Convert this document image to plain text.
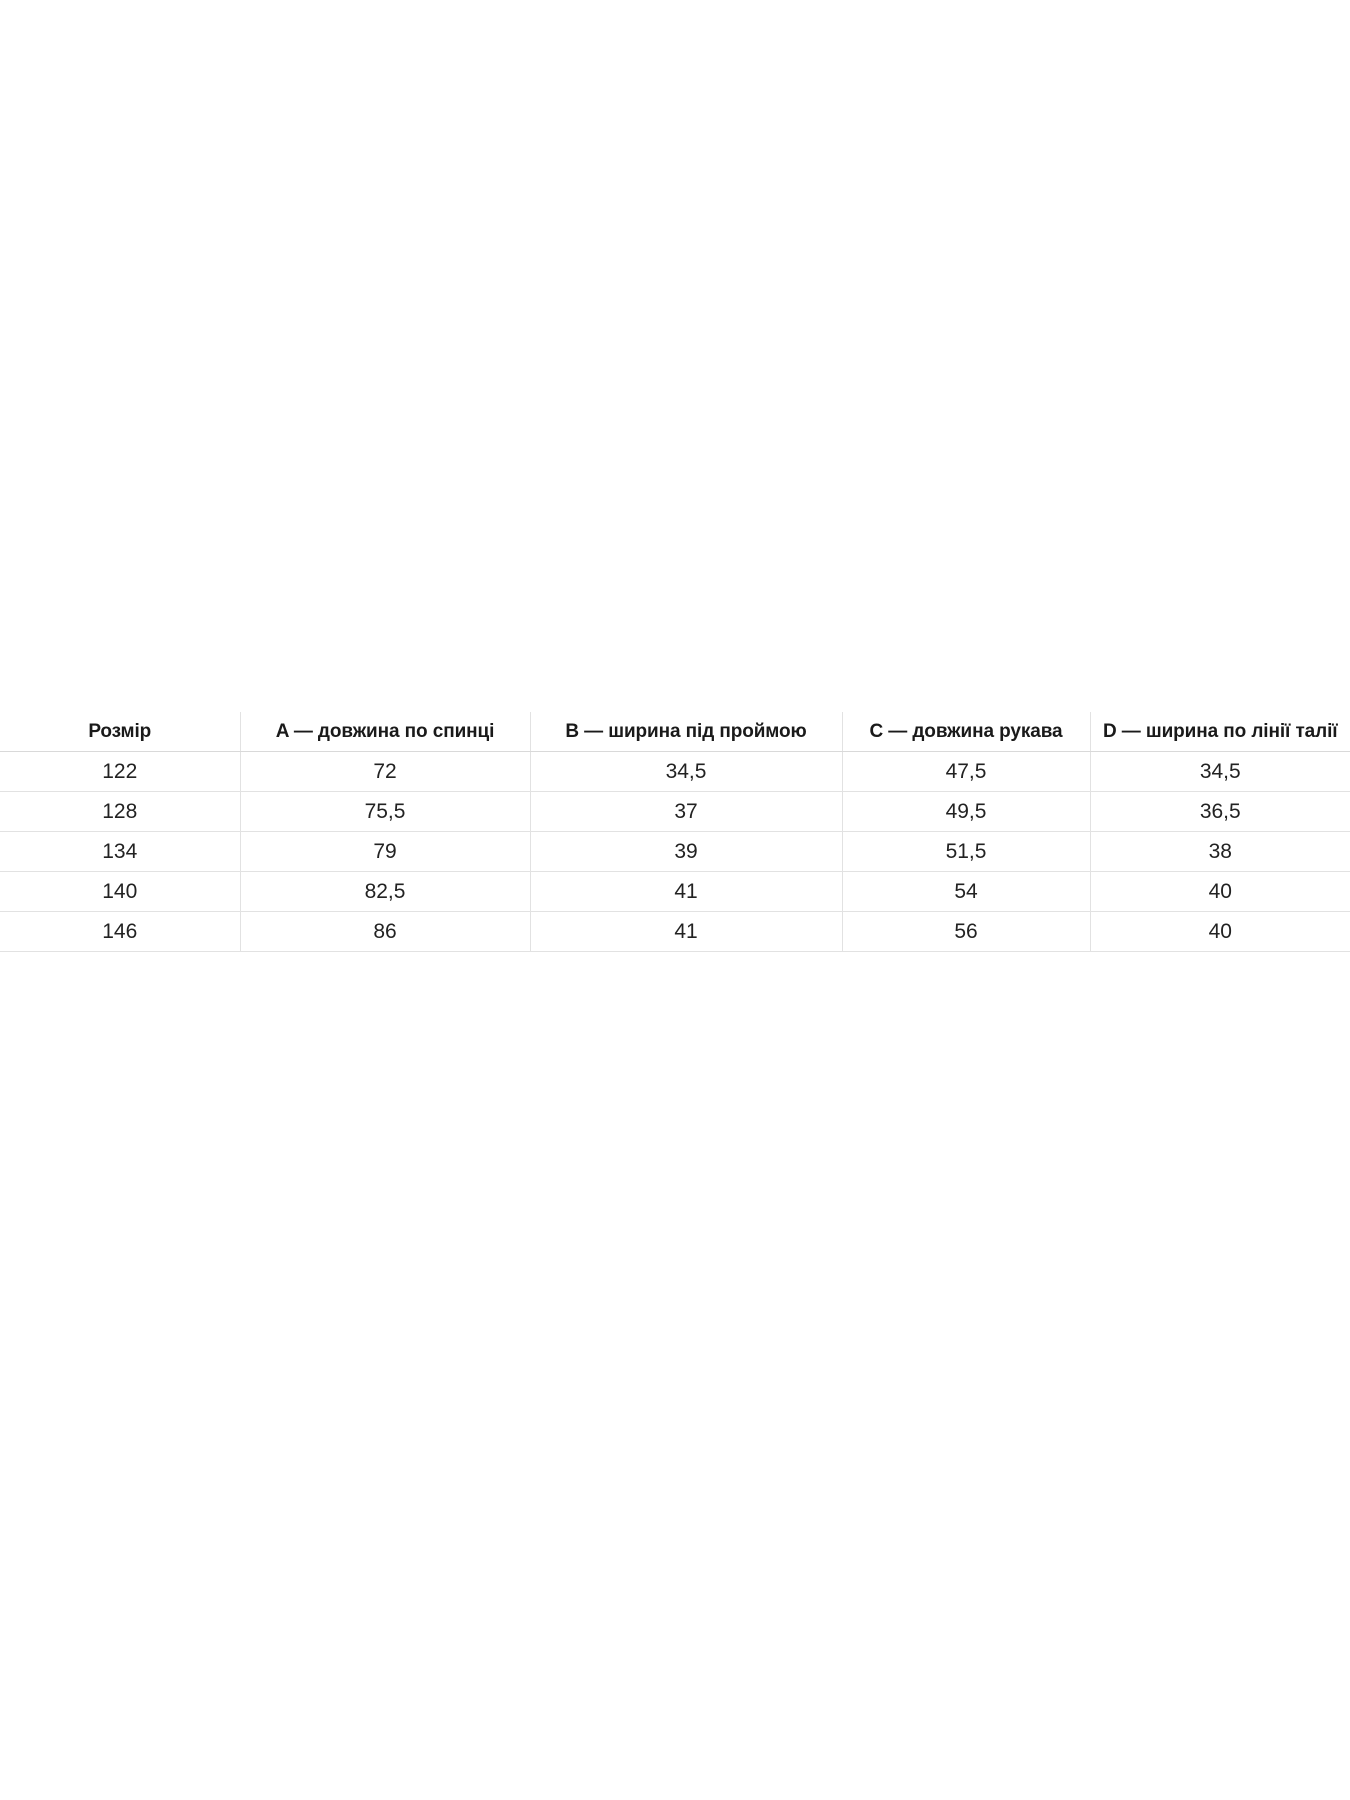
Розмір	A — довжина по спинці	B — ширина під проймою	C — довжина рукава	D — ширина по лінії талії
122	72	34,5	47,5	34,5
128	75,5	37	49,5	36,5
134	79	39	51,5	38
140	82,5	41	54	40
146	86	41	56	40
